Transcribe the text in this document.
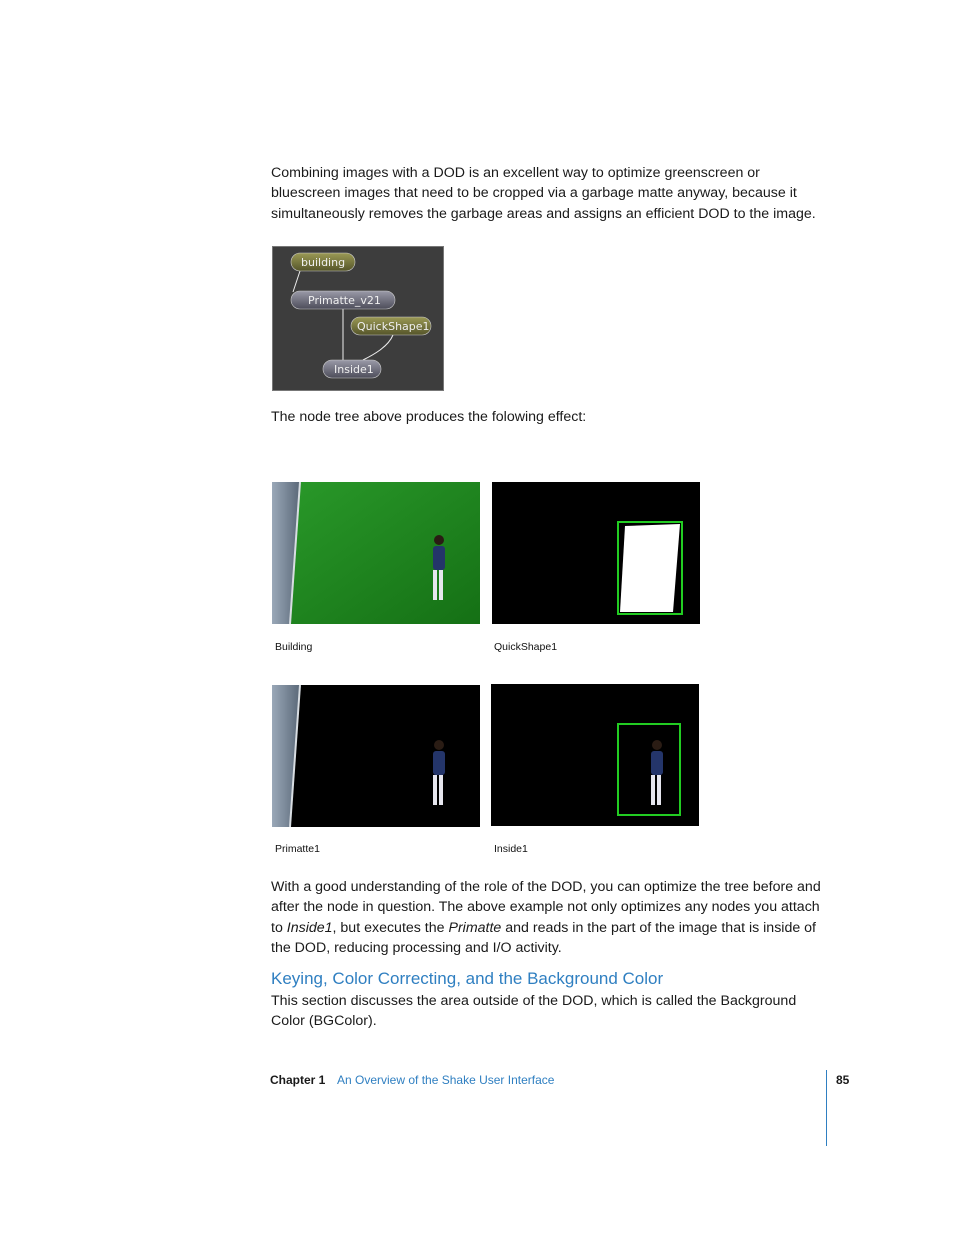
Combining images with a DOD is an excellent way to optimize greenscreen or bluescreen images that need to be cropped via a garbage matte anyway, because it simultaneously removes the garbage areas and assigns an efficient DOD to the image.

building
Primatte_v21
QuickShape1
Inside1

The node tree above produces the folowing effect:

Building	QuickShape1
Primatte1	Inside1

With a good understanding of the role of the DOD, you can optimize the tree before and after the node in question. The above example not only optimizes any nodes you attach to Inside1, but executes the Primatte and reads in the part of the image that is inside of the DOD, reducing processing and I/O activity.

Keying, Color Correcting, and the Background Color

This section discusses the area outside of the DOD, which is called the Background Color (BGColor).

Chapter 1 An Overview of the Shake User Interface	85
